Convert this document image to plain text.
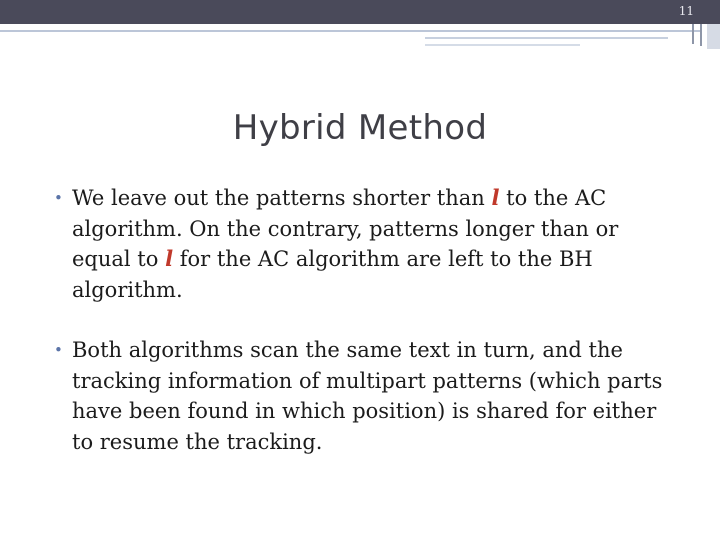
11
Hybrid Method
• We leave out the patterns shorter than l to the AC algorithm. On the contrary, patterns longer than or equal to l for the AC algorithm are left to the BH algorithm.
• Both algorithms scan the same text in turn, and the tracking information of multipart patterns (which parts have been found in which position) is shared for either to resume the tracking.
